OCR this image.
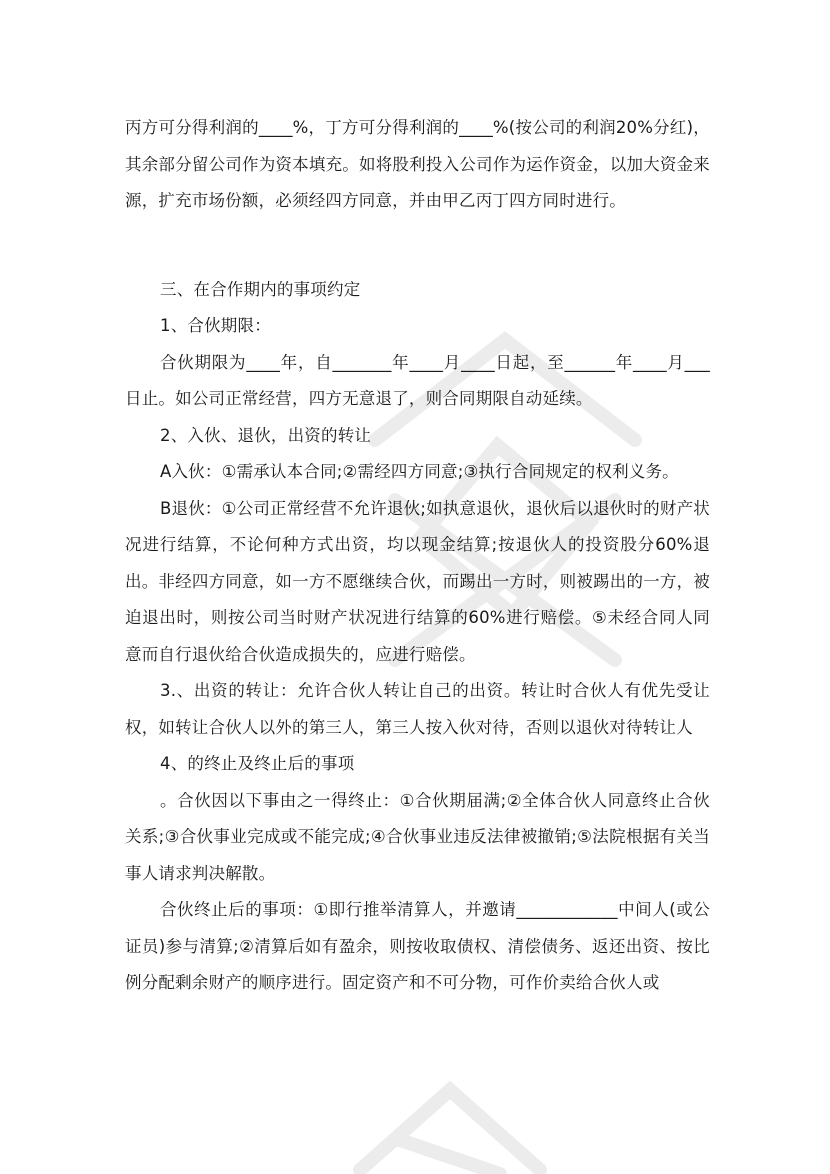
丙方可分得利润的____%，丁方可分得利润的____%(按公司的利润20%分红)，其余部分留公司作为资本填充。如将股利投入公司作为运作资金，以加大资金来源，扩充市场份额，必须经四方同意，并由甲乙丙丁四方同时进行。

三、在合作期内的事项约定

1、合伙期限：

合伙期限为____年，自_______年____月____日起，至______年____月___日止。如公司正常经营，四方无意退了，则合同期限自动延续。

2、入伙、退伙，出资的转让

A入伙：①需承认本合同;②需经四方同意;③执行合同规定的权利义务。

B退伙：①公司正常经营不允许退伙;如执意退伙，退伙后以退伙时的财产状况进行结算，不论何种方式出资，均以现金结算;按退伙人的投资股分60%退出。非经四方同意，如一方不愿继续合伙，而踢出一方时，则被踢出的一方，被迫退出时，则按公司当时财产状况进行结算的60%进行赔偿。⑤未经合同人同意而自行退伙给合伙造成损失的，应进行赔偿。

3.、出资的转让：允许合伙人转让自己的出资。转让时合伙人有优先受让权，如转让合伙人以外的第三人，第三人按入伙对待，否则以退伙对待转让人

4、的终止及终止后的事项

。合伙因以下事由之一得终止：①合伙期届满;②全体合伙人同意终止合伙关系;③合伙事业完成或不能完成;④合伙事业违反法律被撤销;⑤法院根据有关当事人请求判决解散。

合伙终止后的事项：①即行推举清算人，并邀请____________中间人(或公证员)参与清算;②清算后如有盈余，则按收取债权、清偿债务、返还出资、按比例分配剩余财产的顺序进行。固定资产和不可分物，可作价卖给合伙人或
